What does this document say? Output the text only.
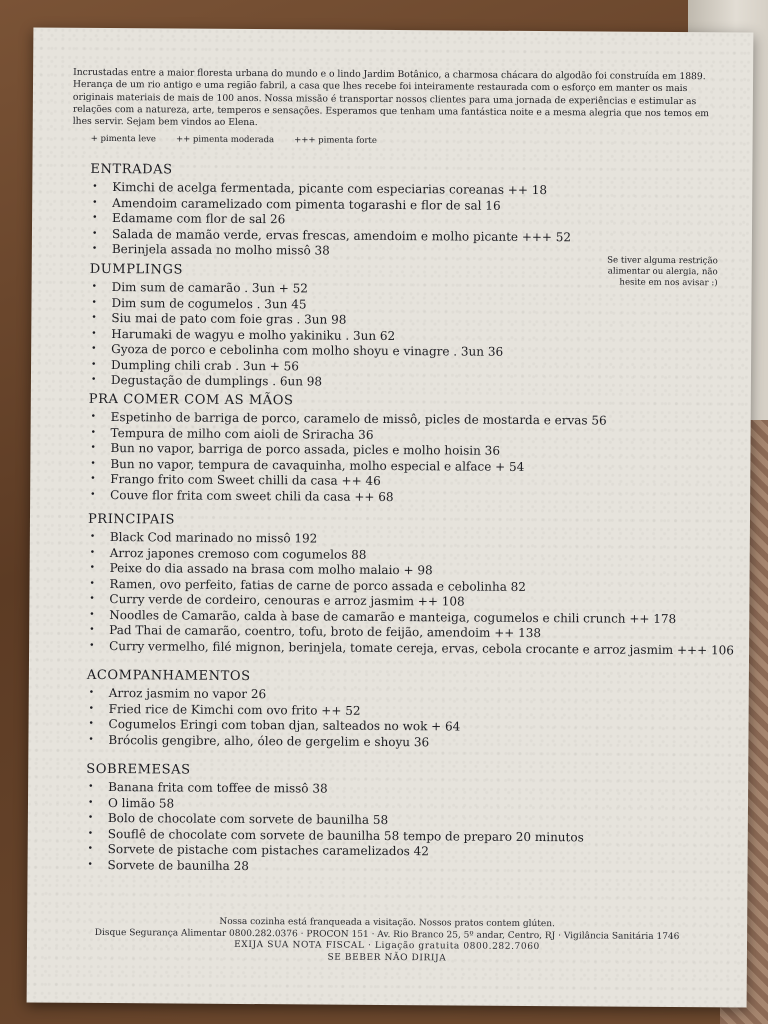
Incrustadas entre a maior floresta urbana do mundo e o lindo Jardim Botânico, a charmosa chácara do algodão foi construída em 1889. Herança de um rio antigo e uma região fabril, a casa que lhes recebe foi inteiramente restaurada com o esforço em manter os mais originais materiais de mais de 100 anos. Nossa missão é transportar nossos clientes para uma jornada de experiências e estimular as relações com a natureza, arte, temperos e sensações. Esperamos que tenham uma fantástica noite e a mesma alegria que nos temos em lhes servir. Sejam bem vindos ao Elena.

+ pimenta leve ++ pimenta moderada +++ pimenta forte
Se tiver alguma restrição alimentar ou alergia, não hesite em nos avisar :)
ENTRADAS
• Kimchi de acelga fermentada, picante com especiarias coreanas ++ 18
• Amendoim caramelizado com pimenta togarashi e flor de sal 16
• Edamame com flor de sal 26
• Salada de mamão verde, ervas frescas, amendoim e molho picante +++ 52
• Berinjela assada no molho missô 38
DUMPLINGS
• Dim sum de camarão . 3un + 52
• Dim sum de cogumelos . 3un 45
• Siu mai de pato com foie gras . 3un 98
• Harumaki de wagyu e molho yakiniku . 3un 62
• Gyoza de porco e cebolinha com molho shoyu e vinagre . 3un 36
• Dumpling chili crab . 3un + 56
• Degustação de dumplings . 6un 98
PRA COMER COM AS MÃOS
• Espetinho de barriga de porco, caramelo de missô, picles de mostarda e ervas 56
• Tempura de milho com aioli de Sriracha 36
• Bun no vapor, barriga de porco assada, picles e molho hoisin 36
• Bun no vapor, tempura de cavaquinha, molho especial e alface + 54
• Frango frito com Sweet chilli da casa ++ 46
• Couve flor frita com sweet chili da casa ++ 68
PRINCIPAIS
• Black Cod marinado no missô 192
• Arroz japones cremoso com cogumelos 88
• Peixe do dia assado na brasa com molho malaio + 98
• Ramen, ovo perfeito, fatias de carne de porco assada e cebolinha 82
• Curry verde de cordeiro, cenouras e arroz jasmim ++ 108
• Noodles de Camarão, calda à base de camarão e manteiga, cogumelos e chili crunch ++ 178
• Pad Thai de camarão, coentro, tofu, broto de feijão, amendoim ++ 138
• Curry vermelho, filé mignon, berinjela, tomate cereja, ervas, cebola crocante e arroz jasmim +++ 106
ACOMPANHAMENTOS
• Arroz jasmim no vapor 26
• Fried rice de Kimchi com ovo frito ++ 52
• Cogumelos Eringi com toban djan, salteados no wok + 64
• Brócolis gengibre, alho, óleo de gergelim e shoyu 36
SOBREMESAS
• Banana frita com toffee de missô 38
• O limão 58
• Bolo de chocolate com sorvete de baunilha 58
• Souflê de chocolate com sorvete de baunilha 58 tempo de preparo 20 minutos
• Sorvete de pistache com pistaches caramelizados 42
• Sorvete de baunilha 28
Nossa cozinha está franqueada a visitação. Nossos pratos contem glúten.
Disque Segurança Alimentar 0800.282.0376 · PROCON 151 · Av. Rio Branco 25, 5º andar, Centro, RJ · Vigilância Sanitária 1746
EXIJA SUA NOTA FISCAL · Ligação gratuita 0800.282.7060
SE BEBER NÃO DIRIJA
